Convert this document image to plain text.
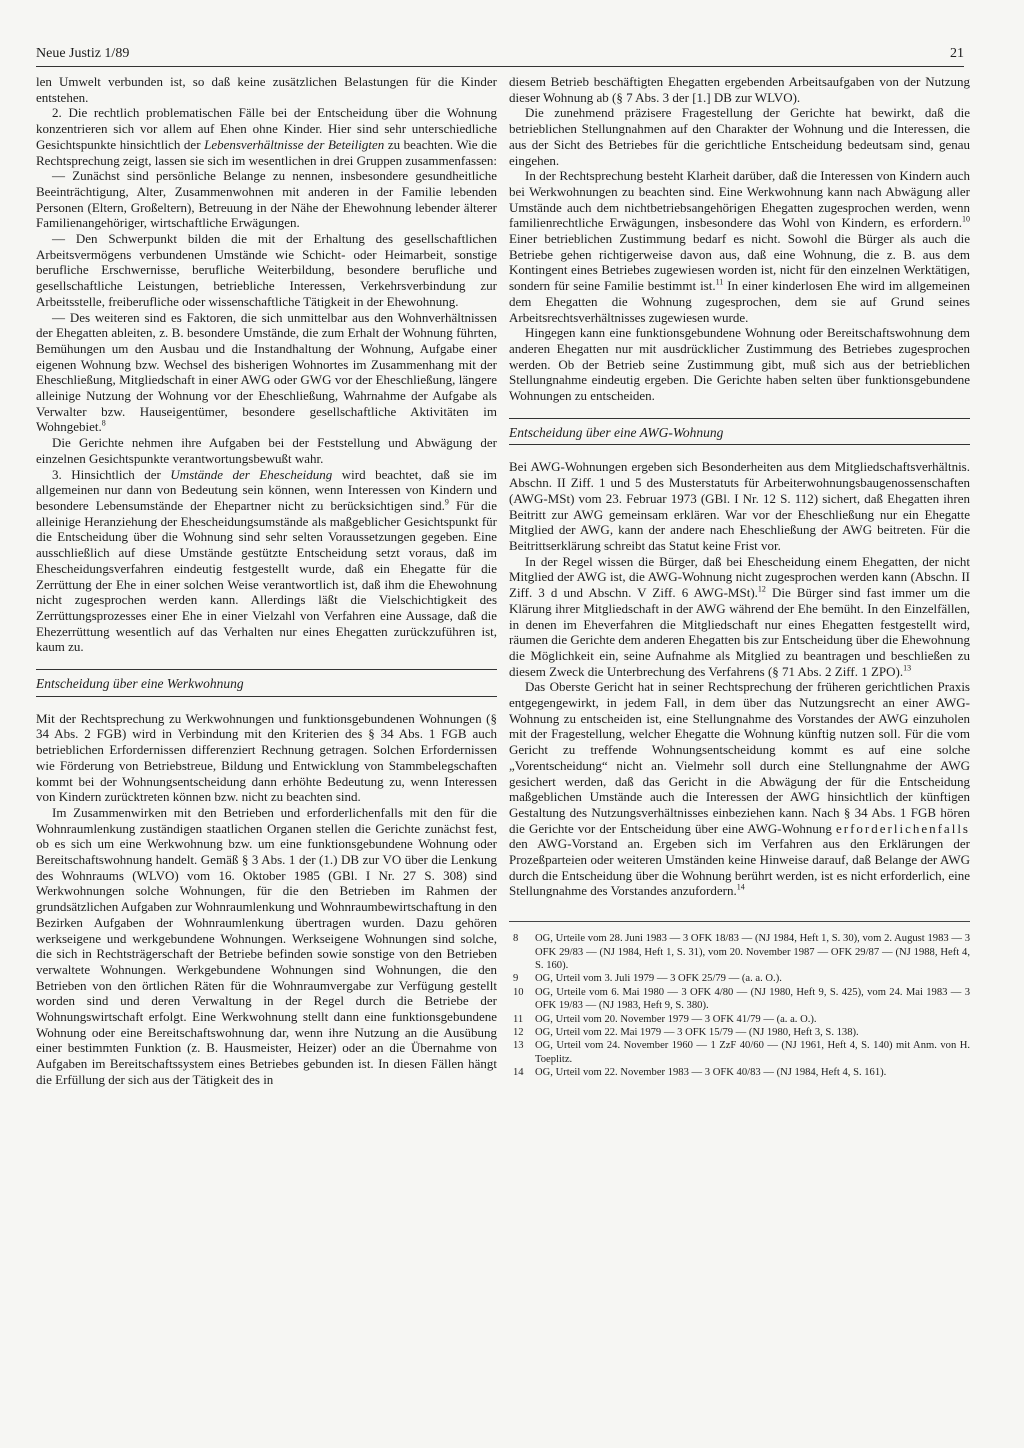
Neue Justiz 1/89	21

len Umwelt verbunden ist, so daß keine zusätzlichen Belastungen für die Kinder entstehen.

2. Die rechtlich problematischen Fälle bei der Entscheidung über die Wohnung konzentrieren sich vor allem auf Ehen ohne Kinder. Hier sind sehr unterschiedliche Gesichtspunkte hinsichtlich der Lebensverhältnisse der Beteiligten zu beachten. Wie die Rechtsprechung zeigt, lassen sie sich im wesentlichen in drei Gruppen zusammenfassen:

— Zunächst sind persönliche Belange zu nennen, insbesondere gesundheitliche Beeinträchtigung, Alter, Zusammenwohnen mit anderen in der Familie lebenden Personen (Eltern, Großeltern), Betreuung in der Nähe der Ehewohnung lebender älterer Familienangehöriger, wirtschaftliche Erwägungen.

— Den Schwerpunkt bilden die mit der Erhaltung des gesellschaftlichen Arbeitsvermögens verbundenen Umstände wie Schicht- oder Heimarbeit, sonstige berufliche Erschwernisse, berufliche Weiterbildung, besondere berufliche und gesellschaftliche Leistungen, betriebliche Interessen, Verkehrsverbindung zur Arbeitsstelle, freiberufliche oder wissenschaftliche Tätigkeit in der Ehewohnung.

— Des weiteren sind es Faktoren, die sich unmittelbar aus den Wohnverhältnissen der Ehegatten ableiten, z. B. besondere Umstände, die zum Erhalt der Wohnung führten, Bemühungen um den Ausbau und die Instandhaltung der Wohnung, Aufgabe einer eigenen Wohnung bzw. Wechsel des bisherigen Wohnortes im Zusammenhang mit der Eheschließung, Mitgliedschaft in einer AWG oder GWG vor der Eheschließung, längere alleinige Nutzung der Wohnung vor der Eheschließung, Wahrnahme der Aufgabe als Verwalter bzw. Hauseigentümer, besondere gesellschaftliche Aktivitäten im Wohngebiet.$^8$

Die Gerichte nehmen ihre Aufgaben bei der Feststellung und Abwägung der einzelnen Gesichtspunkte verantwortungsbewußt wahr.

3. Hinsichtlich der Umstände der Ehescheidung wird beachtet, daß sie im allgemeinen nur dann von Bedeutung sein können, wenn Interessen von Kindern und besondere Lebensumstände der Ehepartner nicht zu berücksichtigen sind.$^9$ Für die alleinige Heranziehung der Ehescheidungsumstände als maßgeblicher Gesichtspunkt für die Entscheidung über die Wohnung sind sehr selten Voraussetzungen gegeben. Eine ausschließlich auf diese Umstände gestützte Entscheidung setzt voraus, daß im Ehescheidungsverfahren eindeutig festgestellt wurde, daß ein Ehegatte für die Zerrüttung der Ehe in einer solchen Weise verantwortlich ist, daß ihm die Ehewohnung nicht zugesprochen werden kann. Allerdings läßt die Vielschichtigkeit des Zerrüttungsprozesses einer Ehe in einer Vielzahl von Verfahren eine Aussage, daß die Ehezerrüttung wesentlich auf das Verhalten nur eines Ehegatten zurückzuführen ist, kaum zu.

Entscheidung über eine Werkwohnung

Mit der Rechtsprechung zu Werkwohnungen und funktionsgebundenen Wohnungen (§ 34 Abs. 2 FGB) wird in Verbindung mit den Kriterien des § 34 Abs. 1 FGB auch betrieblichen Erfordernissen differenziert Rechnung getragen. Solchen Erfordernissen wie Förderung von Betriebstreue, Bildung und Entwicklung von Stammbelegschaften kommt bei der Wohnungsentscheidung dann erhöhte Bedeutung zu, wenn Interessen von Kindern zurücktreten können bzw. nicht zu beachten sind.

Im Zusammenwirken mit den Betrieben und erforderlichenfalls mit den für die Wohnraumlenkung zuständigen staatlichen Organen stellen die Gerichte zunächst fest, ob es sich um eine Werkwohnung bzw. um eine funktionsgebundene Wohnung oder Bereitschaftswohnung handelt. Gemäß § 3 Abs. 1 der (1.) DB zur VO über die Lenkung des Wohnraums (WLVO) vom 16. Oktober 1985 (GBl. I Nr. 27 S. 308) sind Werkwohnungen solche Wohnungen, für die den Betrieben im Rahmen der grundsätzlichen Aufgaben zur Wohnraumlenkung und Wohnraumbewirtschaftung in den Bezirken Aufgaben der Wohnraumlenkung übertragen wurden. Dazu gehören werkseigene und werkgebundene Wohnungen. Werkseigene Wohnungen sind solche, die sich in Rechtsträgerschaft der Betriebe befinden sowie sonstige von den Betrieben verwaltete Wohnungen. Werkgebundene Wohnungen sind Wohnungen, die den Betrieben von den örtlichen Räten für die Wohnraumvergabe zur Verfügung gestellt worden sind und deren Verwaltung in der Regel durch die Betriebe der Wohnungswirtschaft erfolgt. Eine Werkwohnung stellt dann eine funktionsgebundene Wohnung oder eine Bereitschaftswohnung dar, wenn ihre Nutzung an die Ausübung einer bestimmten Funktion (z. B. Hausmeister, Heizer) oder an die Übernahme von Aufgaben im Bereitschaftssystem eines Betriebes gebunden ist. In diesen Fällen hängt die Erfüllung der sich aus der Tätigkeit des in

diesem Betrieb beschäftigten Ehegatten ergebenden Arbeitsaufgaben von der Nutzung dieser Wohnung ab (§ 7 Abs. 3 der [1.] DB zur WLVO).

Die zunehmend präzisere Fragestellung der Gerichte hat bewirkt, daß die betrieblichen Stellungnahmen auf den Charakter der Wohnung und die Interessen, die aus der Sicht des Betriebes für die gerichtliche Entscheidung bedeutsam sind, genau eingehen.

In der Rechtsprechung besteht Klarheit darüber, daß die Interessen von Kindern auch bei Werkwohnungen zu beachten sind. Eine Werkwohnung kann nach Abwägung aller Umstände auch dem nichtbetriebsangehörigen Ehegatten zugesprochen werden, wenn familienrechtliche Erwägungen, insbesondere das Wohl von Kindern, es erfordern.$^{10}$ Einer betrieblichen Zustimmung bedarf es nicht. Sowohl die Bürger als auch die Betriebe gehen richtigerweise davon aus, daß eine Wohnung, die z. B. aus dem Kontingent eines Betriebes zugewiesen worden ist, nicht für den einzelnen Werktätigen, sondern für seine Familie bestimmt ist.$^{11}$ In einer kinderlosen Ehe wird im allgemeinen dem Ehegatten die Wohnung zugesprochen, dem sie auf Grund seines Arbeitsrechtsverhältnisses zugewiesen wurde.

Hingegen kann eine funktionsgebundene Wohnung oder Bereitschaftswohnung dem anderen Ehegatten nur mit ausdrücklicher Zustimmung des Betriebes zugesprochen werden. Ob der Betrieb seine Zustimmung gibt, muß sich aus der betrieblichen Stellungnahme eindeutig ergeben. Die Gerichte haben selten über funktionsgebundene Wohnungen zu entscheiden.

Entscheidung über eine AWG-Wohnung

Bei AWG-Wohnungen ergeben sich Besonderheiten aus dem Mitgliedschaftsverhältnis. Abschn. II Ziff. 1 und 5 des Musterstatuts für Arbeiterwohnungsbaugenossenschaften (AWG-MSt) vom 23. Februar 1973 (GBl. I Nr. 12 S. 112) sichert, daß Ehegatten ihren Beitritt zur AWG gemeinsam erklären. War vor der Eheschließung nur ein Ehegatte Mitglied der AWG, kann der andere nach Eheschließung der AWG beitreten. Für die Beitrittserklärung schreibt das Statut keine Frist vor.

In der Regel wissen die Bürger, daß bei Ehescheidung einem Ehegatten, der nicht Mitglied der AWG ist, die AWG-Wohnung nicht zugesprochen werden kann (Abschn. II Ziff. 3 d und Abschn. V Ziff. 6 AWG-MSt).$^{12}$ Die Bürger sind fast immer um die Klärung ihrer Mitgliedschaft in der AWG während der Ehe bemüht. In den Einzelfällen, in denen im Eheverfahren die Mitgliedschaft nur eines Ehegatten festgestellt wird, räumen die Gerichte dem anderen Ehegatten bis zur Entscheidung über die Ehewohnung die Möglichkeit ein, seine Aufnahme als Mitglied zu beantragen und beschließen zu diesem Zweck die Unterbrechung des Verfahrens (§ 71 Abs. 2 Ziff. 1 ZPO).$^{13}$

Das Oberste Gericht hat in seiner Rechtsprechung der früheren gerichtlichen Praxis entgegengewirkt, in jedem Fall, in dem über das Nutzungsrecht an einer AWG-Wohnung zu entscheiden ist, eine Stellungnahme des Vorstandes der AWG einzuholen mit der Fragestellung, welcher Ehegatte die Wohnung künftig nutzen soll. Für die vom Gericht zu treffende Wohnungsentscheidung kommt es auf eine solche „Vorentscheidung“ nicht an. Vielmehr soll durch eine Stellungnahme der AWG gesichert werden, daß das Gericht in die Abwägung der für die Entscheidung maßgeblichen Umstände auch die Interessen der AWG hinsichtlich der künftigen Gestaltung des Nutzungsverhältnisses einbeziehen kann. Nach § 34 Abs. 1 FGB hören die Gerichte vor der Entscheidung über eine AWG-Wohnung erforderlichenfalls den AWG-Vorstand an. Ergeben sich im Verfahren aus den Erklärungen der Prozeßparteien oder weiteren Umständen keine Hinweise darauf, daß Belange der AWG durch die Entscheidung über die Wohnung berührt werden, ist es nicht erforderlich, eine Stellungnahme des Vorstandes anzufordern.$^{14}$

8	OG, Urteile vom 28. Juni 1983 — 3 OFK 18/83 — (NJ 1984, Heft 1, S. 30), vom 2. August 1983 — 3 OFK 29/83 — (NJ 1984, Heft 1, S. 31), vom 20. November 1987 — OFK 29/87 — (NJ 1988, Heft 4, S. 160).
9	OG, Urteil vom 3. Juli 1979 — 3 OFK 25/79 — (a. a. O.).
10	OG, Urteile vom 6. Mai 1980 — 3 OFK 4/80 — (NJ 1980, Heft 9, S. 425), vom 24. Mai 1983 — 3 OFK 19/83 — (NJ 1983, Heft 9, S. 380).
11	OG, Urteil vom 20. November 1979 — 3 OFK 41/79 — (a. a. O.).
12	OG, Urteil vom 22. Mai 1979 — 3 OFK 15/79 — (NJ 1980, Heft 3, S. 138).
13	OG, Urteil vom 24. November 1960 — 1 ZzF 40/60 — (NJ 1961, Heft 4, S. 140) mit Anm. von H. Toeplitz.
14	OG, Urteil vom 22. November 1983 — 3 OFK 40/83 — (NJ 1984, Heft 4, S. 161).
